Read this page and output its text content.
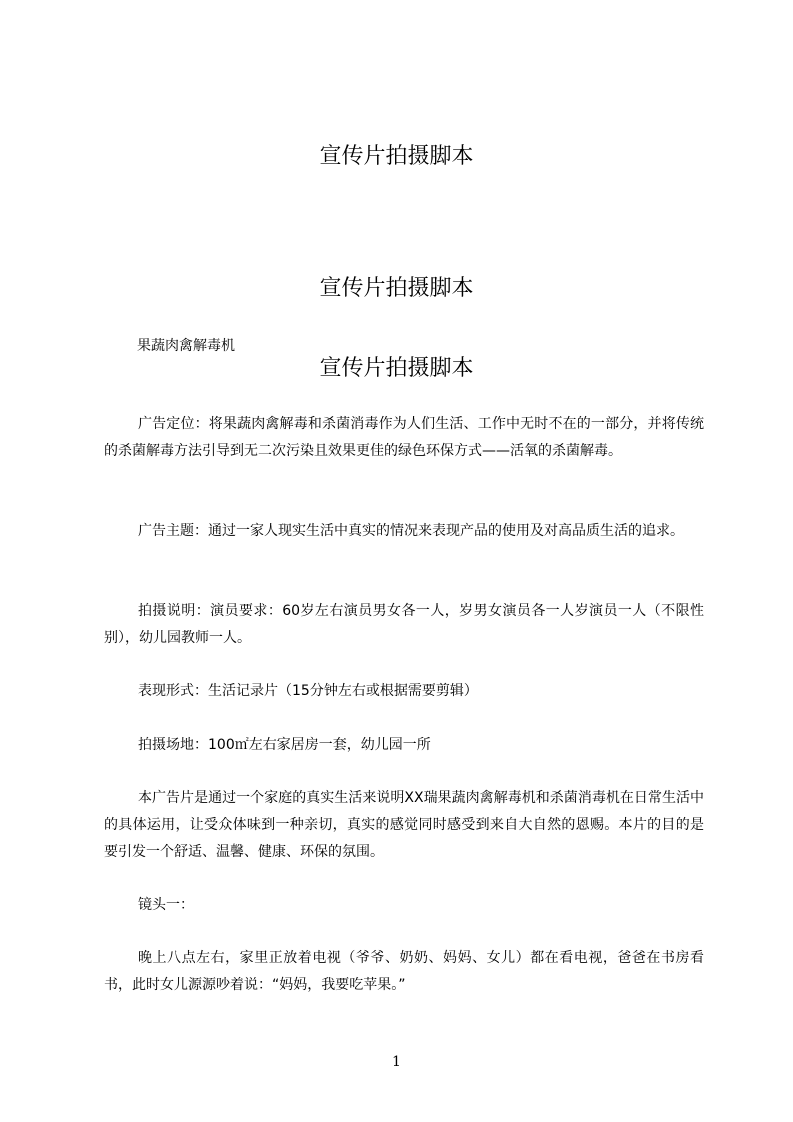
宣传片拍摄脚本
宣传片拍摄脚本
果蔬肉禽解毒机
宣传片拍摄脚本

广告定位：将果蔬肉禽解毒和杀菌消毒作为人们生活、工作中无时不在的一部分，并将传统的杀菌解毒方法引导到无二次污染且效果更佳的绿色环保方式——活氧的杀菌解毒。

广告主题：通过一家人现实生活中真实的情况来表现产品的使用及对高品质生活的追求。

拍摄说明：演员要求：60岁左右演员男女各一人，岁男女演员各一人岁演员一人（不限性别），幼儿园教师一人。

表现形式：生活记录片（15分钟左右或根据需要剪辑）

拍摄场地：100㎡左右家居房一套，幼儿园一所

本广告片是通过一个家庭的真实生活来说明XX瑞果蔬肉禽解毒机和杀菌消毒机在日常生活中的具体运用，让受众体味到一种亲切，真实的感觉同时感受到来自大自然的恩赐。本片的目的是要引发一个舒适、温馨、健康、环保的氛围。

镜头一：

晚上八点左右，家里正放着电视（爷爷、奶奶、妈妈、女儿）都在看电视，爸爸在书房看书，此时女儿源源吵着说：“妈妈，我要吃苹果。”

1
